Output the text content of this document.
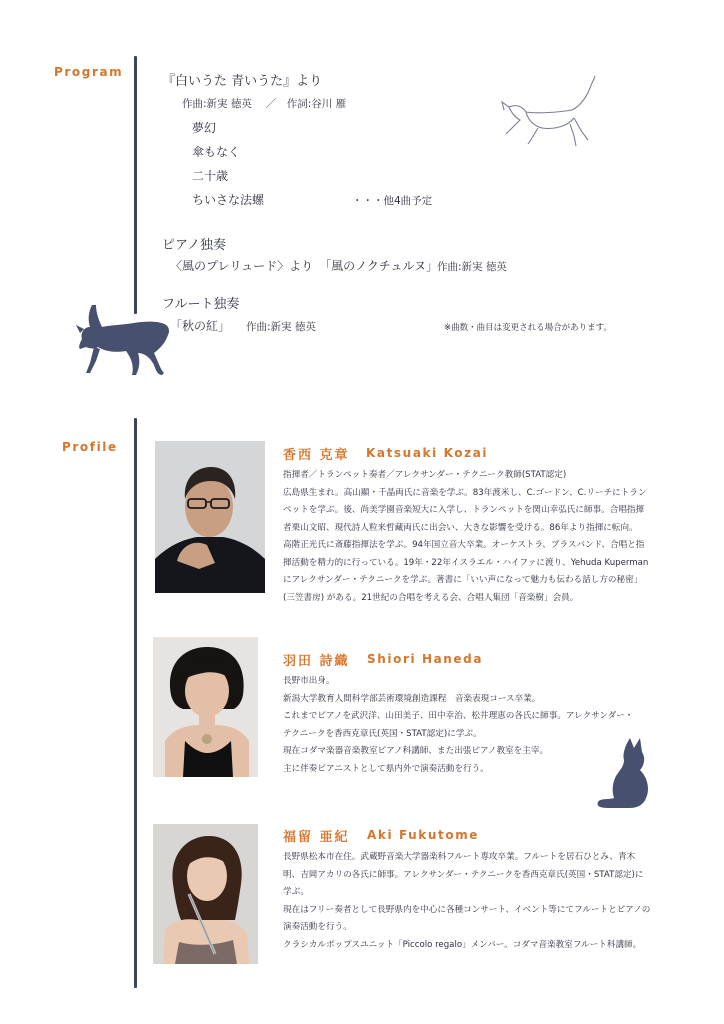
Program
『白いうた 青いうた』より
作曲:新実 徳英　 ／　作詞:谷川 雁
夢幻
傘もなく
二十歳
ちいさな法螺	・・・他4曲予定
ピアノ独奏
〈風のプレリュード〉より　「風のノクチュルヌ」 作曲:新実 徳英
フルート独奏
「秋の紅」 作曲:新実 徳英	※曲数・曲目は変更される場合があります。
Profile
香西 克章 Katsuaki Kozai
指揮者／トランペット奏者／アレクサンダー・テクニーク教師(STAT認定)
広島県生まれ。高山顯・千晶両氏に音楽を学ぶ。83年渡米し、C.ゴードン、C.リーチにトラン
ペットを学ぶ。後、尚美学園音楽短大に入学し、トランペットを関山幸弘氏に師事。合唱指揮
者栗山文昭、現代詩人粒来哲藏両氏に出会い、大きな影響を受ける。86年より指揮に転向。
高階正光氏に斎藤指揮法を学ぶ。94年国立音大卒業。オーケストラ、ブラスバンド、合唱と指
揮活動を精力的に行っている。19年・22年イスラエル・ハイファに渡り、Yehuda Kuperman
にアレクサンダー・テクニークを学ぶ。著書に「いい声になって魅力も伝わる話し方の秘密」
(三笠書房) がある。21世紀の合唱を考える会、合唱人集団「音楽樹」会員。
羽田 詩織 Shiori Haneda
長野市出身。
新潟大学教育人間科学部芸術環境創造課程　音楽表現コース卒業。
これまでピアノを武沢洋、山田美子、田中幸治、松井理恵の各氏に師事。アレクサンダー・
テクニークを香西克章氏(英国・STAT認定)に学ぶ。
現在コダマ楽器音楽教室ピアノ科講師、また出張ピアノ教室を主宰。
主に伴奏ピアニストとして県内外で演奏活動を行う。
福留 亜紀 Aki Fukutome
長野県松本市在住。武蔵野音楽大学器楽科フルート専攻卒業。フルートを居石ひとみ、青木
明、吉岡アカリの各氏に師事。アレクサンダー・テクニークを香西克章氏(英国・STAT認定)に
学ぶ。
現在はフリー奏者として長野県内を中心に各種コンサート、イベント等にてフルートとピアノの
演奏活動を行う。
クラシカルポップスユニット「Piccolo regalo」メンバー。コダマ音楽教室フルート科講師。
